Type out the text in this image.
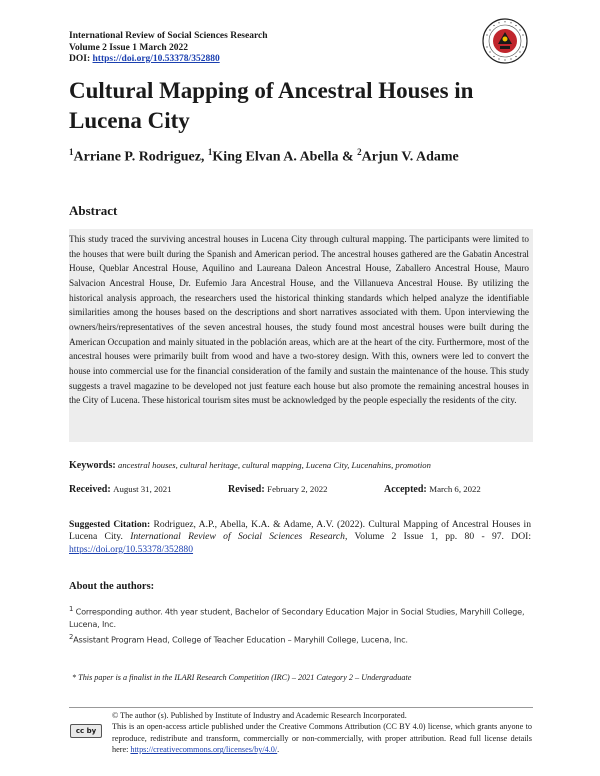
International Review of Social Sciences Research
Volume 2 Issue 1 March 2022
DOI: https://doi.org/10.53378/352880
Cultural Mapping of Ancestral Houses in Lucena City
$^1$Arriane P. Rodriguez, $^1$King Elvan A. Abella & $^2$Arjun V. Adame
Abstract
This study traced the surviving ancestral houses in Lucena City through cultural mapping. The participants were limited to the houses that were built during the Spanish and American period. The ancestral houses gathered are the Gabatin Ancestral House, Queblar Ancestral House, Aquilino and Laureana Daleon Ancestral House, Zaballero Ancestral House, Mauro Salvacion Ancestral House, Dr. Eufemio Jara Ancestral House, and the Villanueva Ancestral House. By utilizing the historical analysis approach, the researchers used the historical thinking standards which helped analyze the identifiable similarities among the houses based on the descriptions and short narratives associated with them. Upon interviewing the owners/heirs/representatives of the seven ancestral houses, the study found most ancestral houses were built during the American Occupation and mainly situated in the población areas, which are at the heart of the city. Furthermore, most of the ancestral houses were primarily built from wood and have a two-storey design. With this, owners were led to convert the house into commercial use for the financial consideration of the family and sustain the maintenance of the house. This study suggests a travel magazine to be developed not just feature each house but also promote the remaining ancestral houses in the City of Lucena. These historical tourism sites must be acknowledged by the people especially the residents of the city.
Keywords: ancestral houses, cultural heritage, cultural mapping, Lucena City, Lucenahins, promotion
Received: August 31, 2021	Revised: February 2, 2022	Accepted: March 6, 2022
Suggested Citation: Rodriguez, A.P., Abella, K.A. & Adame, A.V. (2022). Cultural Mapping of Ancestral Houses in Lucena City. International Review of Social Sciences Research, Volume 2 Issue 1, pp. 80 - 97. DOI: https://doi.org/10.53378/352880
About the authors:
$^1$ Corresponding author. 4th year student, Bachelor of Secondary Education Major in Social Studies, Maryhill College, Lucena, Inc.
$^2$Assistant Program Head, College of Teacher Education – Maryhill College, Lucena, Inc.
* This paper is a finalist in the ILARI Research Competition (IRC) – 2021 Category 2 – Undergraduate
cc by
© The author (s). Published by Institute of Industry and Academic Research Incorporated.
This is an open-access article published under the Creative Commons Attribution (CC BY 4.0) license, which grants anyone to reproduce, redistribute and transform, commercially or non-commercially, with proper attribution. Read full license details here: https://creativecommons.org/licenses/by/4.0/.
